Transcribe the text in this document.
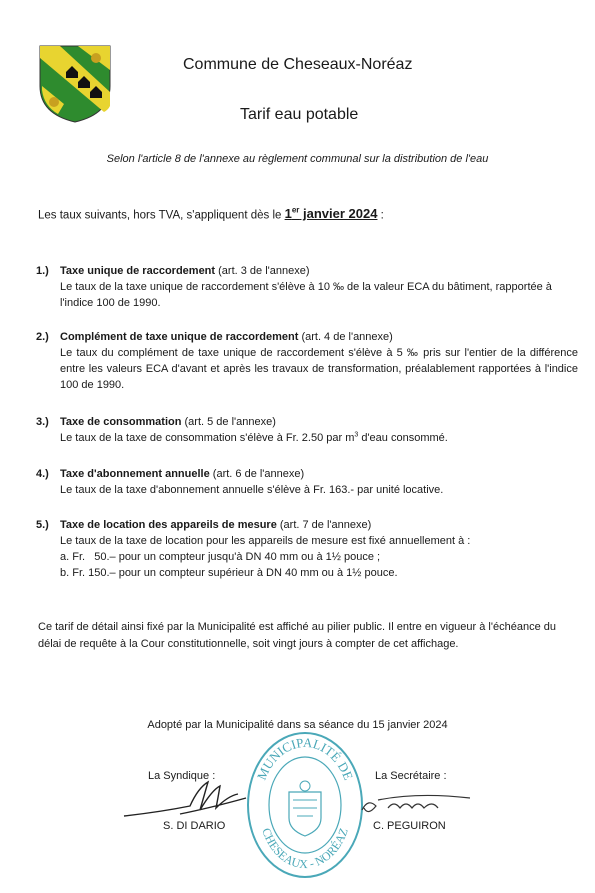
Commune de Cheseaux-Noréaz
Tarif eau potable
Selon l'article 8 de l'annexe au règlement communal sur la distribution de l'eau
Les taux suivants, hors TVA, s'appliquent dès le 1er janvier 2024 :
1.) Taxe unique de raccordement (art. 3 de l'annexe)
Le taux de la taxe unique de raccordement s'élève à 10 ‰ de la valeur ECA du bâtiment, rapportée à l'indice 100 de 1990.
2.) Complément de taxe unique de raccordement (art. 4 de l'annexe)
Le taux du complément de taxe unique de raccordement s'élève à 5 ‰ pris sur l'entier de la différence entre les valeurs ECA d'avant et après les travaux de transformation, préalablement rapportées à l'indice 100 de 1990.
3.) Taxe de consommation (art. 5 de l'annexe)
Le taux de la taxe de consommation s'élève à Fr. 2.50 par $m^3$ d'eau consommé.
4.) Taxe d'abonnement annuelle (art. 6 de l'annexe)
Le taux de la taxe d'abonnement annuelle s'élève à Fr. 163.- par unité locative.
5.) Taxe de location des appareils de mesure (art. 7 de l'annexe)
Le taux de la taxe de location pour les appareils de mesure est fixé annuellement à :
a. Fr.   50.– pour un compteur jusqu'à DN 40 mm ou à 1½ pouce ;
b. Fr. 150.– pour un compteur supérieur à DN 40 mm ou à 1½ pouce.
Ce tarif de détail ainsi fixé par la Municipalité est affiché au pilier public. Il entre en vigueur à l'échéance du délai de requête à la Cour constitutionnelle, soit vingt jours à compter de cet affichage.
Adopté par la Municipalité dans sa séance du 15 janvier 2024
La Syndique :	La Secrétaire :
MUNICIPALITÉ DE
CHESEAUX - NORÉAZ
S. DI DARIO	C. PEGUIRON
